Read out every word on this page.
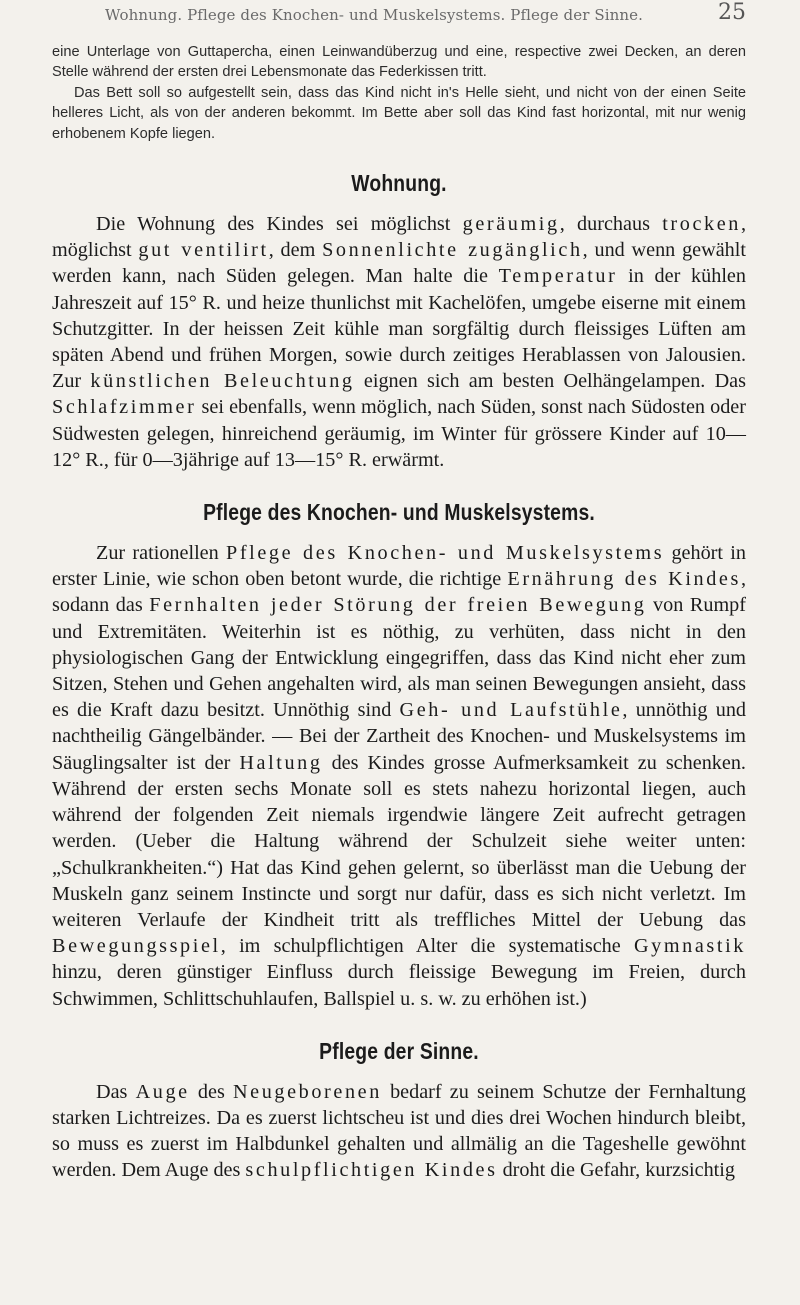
Wohnung. Pflege des Knochen- und Muskelsystems. Pflege der Sinne.	25

eine Unterlage von Guttapercha, einen Leinwandüberzug und eine, respective zwei Decken, an deren Stelle während der ersten drei Lebensmonate das Federkissen tritt.

Das Bett soll so aufgestellt sein, dass das Kind nicht in's Helle sieht, und nicht von der einen Seite helleres Licht, als von der anderen bekommt. Im Bette aber soll das Kind fast horizontal, mit nur wenig erhobenem Kopfe liegen.

Wohnung.

Die Wohnung des Kindes sei möglichst geräumig, durchaus trocken, möglichst gut ventilirt, dem Sonnenlichte zugänglich, und wenn gewählt werden kann, nach Süden gelegen. Man halte die Temperatur in der kühlen Jahreszeit auf 15° R. und heize thunlichst mit Kachelöfen, umgebe eiserne mit einem Schutzgitter. In der heissen Zeit kühle man sorgfältig durch fleissiges Lüften am späten Abend und frühen Morgen, sowie durch zeitiges Herablassen von Jalousien. Zur künstlichen Beleuchtung eignen sich am besten Oelhängelampen. Das Schlafzimmer sei ebenfalls, wenn möglich, nach Süden, sonst nach Südosten oder Südwesten gelegen, hinreichend geräumig, im Winter für grössere Kinder auf 10—12° R., für 0—3jährige auf 13—15° R. erwärmt.

Pflege des Knochen- und Muskelsystems.

Zur rationellen Pflege des Knochen- und Muskelsystems gehört in erster Linie, wie schon oben betont wurde, die richtige Ernährung des Kindes, sodann das Fernhalten jeder Störung der freien Bewegung von Rumpf und Extremitäten. Weiterhin ist es nöthig, zu verhüten, dass nicht in den physiologischen Gang der Entwicklung eingegriffen, dass das Kind nicht eher zum Sitzen, Stehen und Gehen angehalten wird, als man seinen Bewegungen ansieht, dass es die Kraft dazu besitzt. Unnöthig sind Geh- und Laufstühle, unnöthig und nachtheilig Gängelbänder. — Bei der Zartheit des Knochen- und Muskelsystems im Säuglingsalter ist der Haltung des Kindes grosse Aufmerksamkeit zu schenken. Während der ersten sechs Monate soll es stets nahezu horizontal liegen, auch während der folgenden Zeit niemals irgendwie längere Zeit aufrecht getragen werden. (Ueber die Haltung während der Schulzeit siehe weiter unten: „Schulkrankheiten.“) Hat das Kind gehen gelernt, so überlässt man die Uebung der Muskeln ganz seinem Instincte und sorgt nur dafür, dass es sich nicht verletzt. Im weiteren Verlaufe der Kindheit tritt als treffliches Mittel der Uebung das Bewegungsspiel, im schulpflichtigen Alter die systematische Gymnastik hinzu, deren günstiger Einfluss durch fleissige Bewegung im Freien, durch Schwimmen, Schlittschuhlaufen, Ballspiel u. s. w. zu erhöhen ist.)

Pflege der Sinne.

Das Auge des Neugeborenen bedarf zu seinem Schutze der Fernhaltung starken Lichtreizes. Da es zuerst lichtscheu ist und dies drei Wochen hindurch bleibt, so muss es zuerst im Halbdunkel gehalten und allmälig an die Tageshelle gewöhnt werden. Dem Auge des schulpflichtigen Kindes droht die Gefahr, kurzsichtig
